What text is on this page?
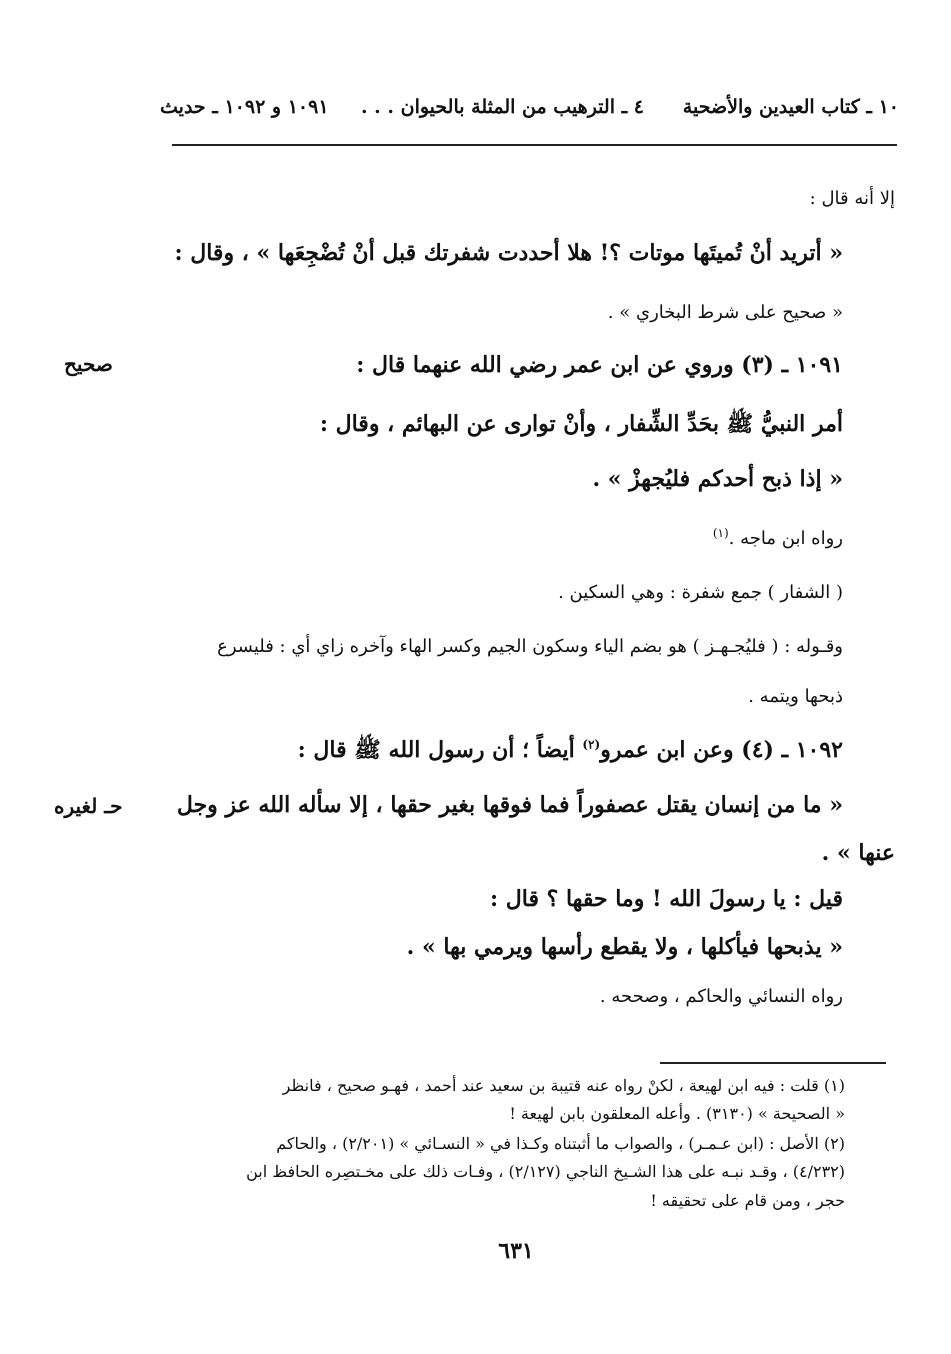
١٠ ـ كتاب العيدين والأضحية
٤ ـ الترهيب من المثلة بالحيوان . . .
١٠٩١ و ١٠٩٢ ـ حديث
إلا أنه قال :
« أتريد أنْ تُميتَها موتات ؟! هلا أحددت شفرتك قبل أنْ تُضْجِعَها » ، وقال :
« صحيح على شرط البخاري » .
١٠٩١ ـ (٣) وروي عن ابن عمر رضي الله عنهما قال :
صحيح
أمر النبيُّ ﷺ بحَدِّ الشِّفار ، وأنْ توارى عن البهائم ، وقال :
« إذا ذبح أحدكم فليُجهزْ » .
رواه ابن ماجه .$^{(١)}$
( الشفار ) جمع شفرة : وهي السكين .
وقـوله : ( فليُجـهـز ) هو بضم الياء وسكون الجيم وكسر الهاء وآخره زاي أي : فليسرع
ذبحها ويتمه .
١٠٩٢ ـ (٤) وعن ابن عمرو$^{(٢)}$ أيضاً ؛ أن رسول الله ﷺ قال :
« ما من إنسان يقتل عصفوراً فما فوقها بغير حقها ، إلا سأله الله عز وجل
حـ لغيره
عنها » .
قيل : يا رسولَ الله ! وما حقها ؟ قال :
« يذبحها فيأكلها ، ولا يقطع رأسها ويرمي بها » .
رواه النسائي والحاكم ، وصححه .
(١) قلت : فيه ابن لهيعة ، لكنْ رواه عنه قتيبة بن سعيد عند أحمد ، فهـو صحيح ، فانظر
« الصحيحة » (٣١٣٠) . وأعله المعلقون بابن لهيعة !
(٢) الأصل : (ابن عـمـر) ، والصواب ما أثبتناه وكـذا في « النسـائي » (٢/٢٠١) ، والحاكم
(٤/٢٣٢) ، وقـد نبـه على هذا الشـيخ الناجي (٢/١٢٧) ، وفـات ذلك على مخـتصِره الحافظ ابن
حجر ، ومن قام على تحقيقه !
٦٣١
